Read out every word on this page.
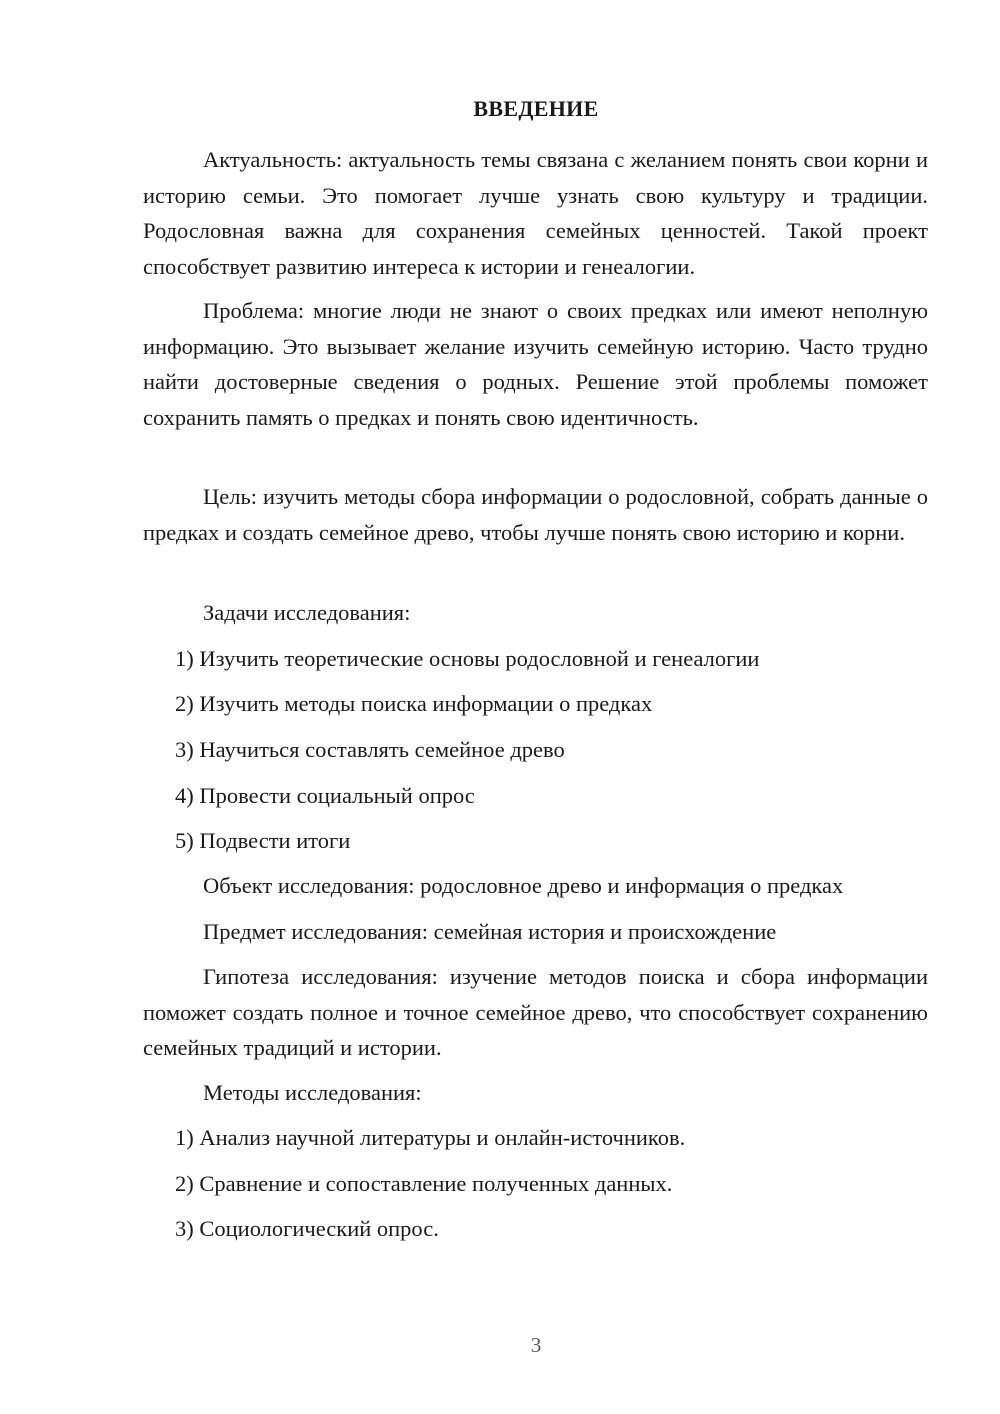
ВВЕДЕНИЕ

Актуальность: актуальность темы связана с желанием понять свои корни и историю семьи. Это помогает лучше узнать свою культуру и традиции. Родословная важна для сохранения семейных ценностей. Такой проект способствует развитию интереса к истории и генеалогии.

Проблема: многие люди не знают о своих предках или имеют неполную информацию. Это вызывает желание изучить семейную историю. Часто трудно найти достоверные сведения о родных. Решение этой проблемы поможет сохранить память о предках и понять свою идентичность.

Цель: изучить методы сбора информации о родословной, собрать данные о предках и создать семейное древо, чтобы лучше понять свою историю и корни.

Задачи исследования:
1) Изучить теоретические основы родословной и генеалогии
2) Изучить методы поиска информации о предках
3) Научиться составлять семейное древо
4) Провести социальный опрос
5) Подвести итоги
Объект исследования: родословное древо и информация о предках
Предмет исследования: семейная история и происхождение

Гипотеза исследования: изучение методов поиска и сбора информации поможет создать полное и точное семейное древо, что способствует сохранению семейных традиций и истории.

Методы исследования:
1) Анализ научной литературы и онлайн-источников.
2) Сравнение и сопоставление полученных данных.
3) Социологический опрос.
3
